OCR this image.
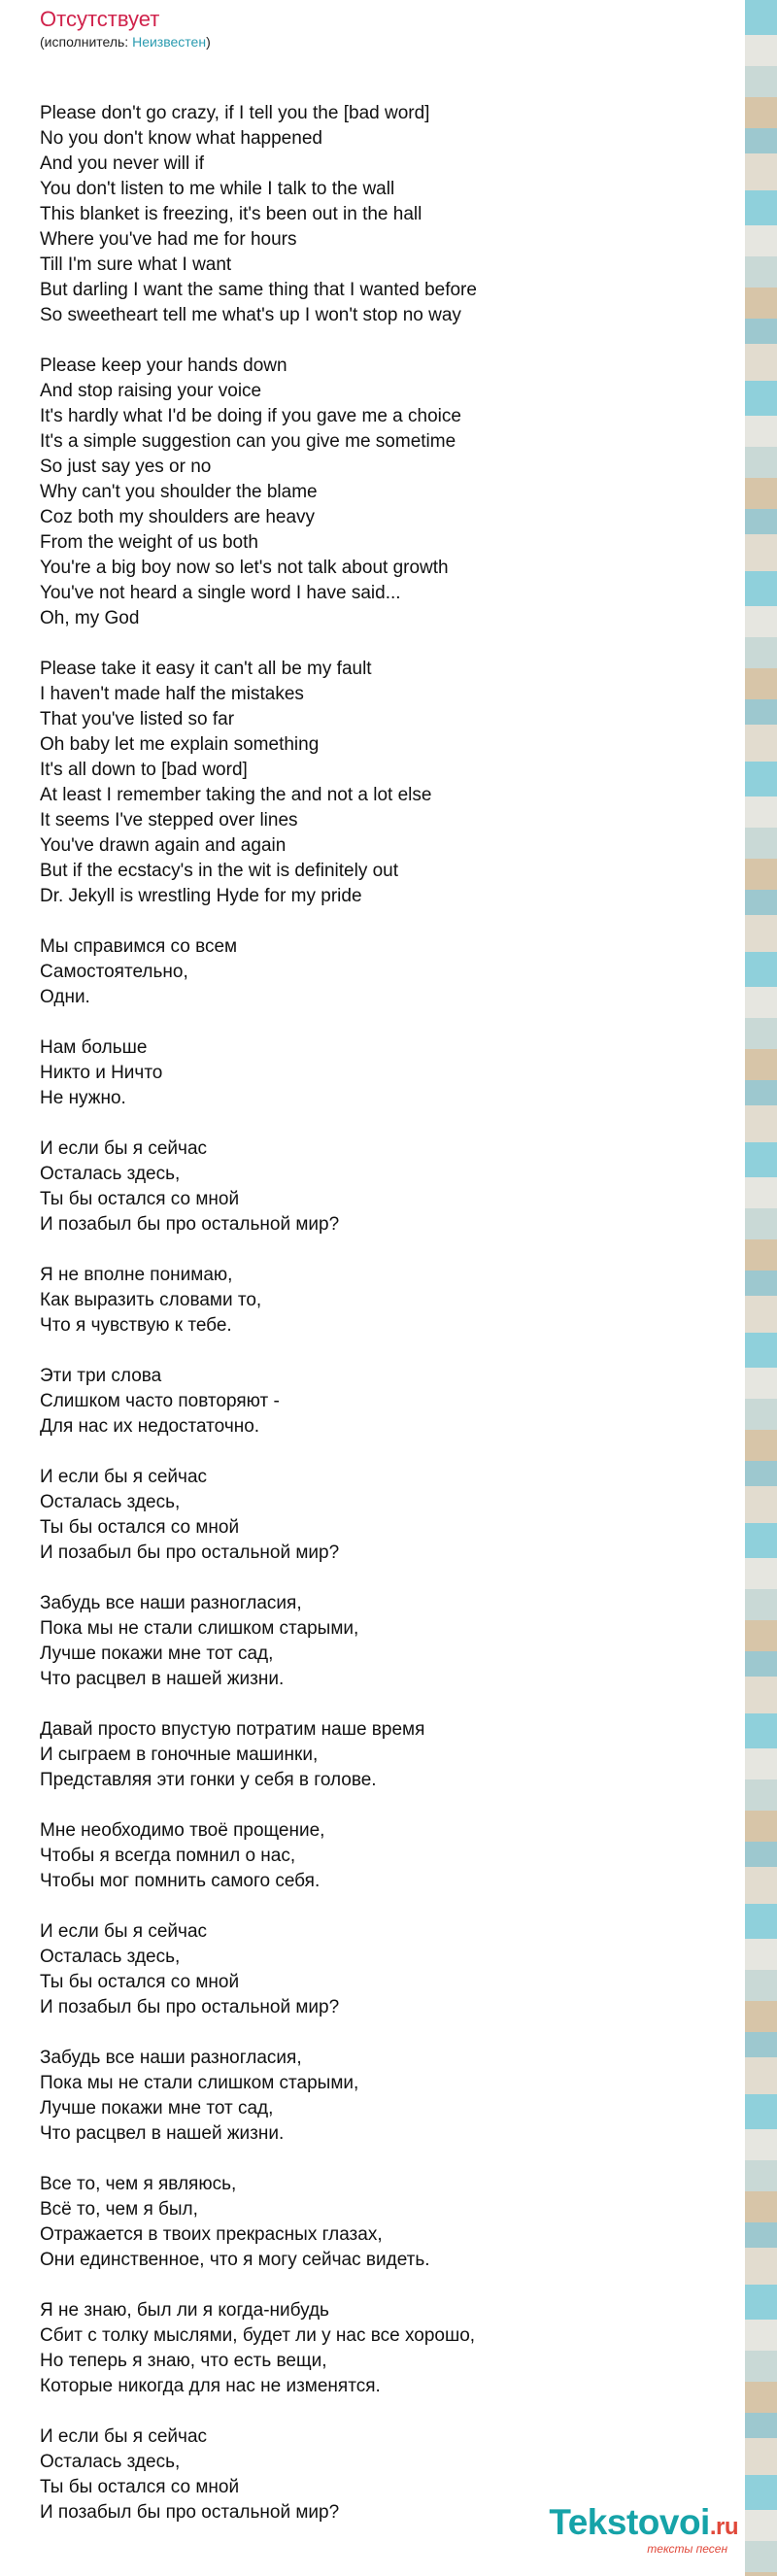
Отсутствует
(исполнитель: Неизвестен)
Please don't go crazy, if I tell you the [bad word]
No you don't know what happened
And you never will if
You don't listen to me while I talk to the wall
This blanket is freezing, it's been out in the hall
Where you've had me for hours
Till I'm sure what I want
But darling I want the same thing that I wanted before
So sweetheart tell me what's up I won't stop no way
Please keep your hands down
And stop raising your voice
It's hardly what I'd be doing if you gave me a choice
It's a simple suggestion can you give me sometime
So just say yes or no
Why can't you shoulder the blame
Coz both my shoulders are heavy
From the weight of us both
You're a big boy now so let's not talk about growth
You've not heard a single word I have said...
Oh, my God
Please take it easy it can't all be my fault
I haven't made half the mistakes
That you've listed so far
Oh baby let me explain something
It's all down to [bad word]
At least I remember taking the and not a lot else
It seems I've stepped over lines
You've drawn again and again
But if the ecstacy's in the wit is definitely out
Dr. Jekyll is wrestling Hyde for my pride
Мы справимся со всем
Самостоятельно,
Одни.
Нам больше
Никто и Ничто
Не нужно.
И если бы я сейчас
Осталась здесь,
Ты бы остался со мной
И позабыл бы про остальной мир?
Я не вполне понимаю,
Как выразить словами то,
Что я чувствую к тебе.
Эти три слова
Слишком часто повторяют -
Для нас их недостаточно.
И если бы я сейчас
Осталась здесь,
Ты бы остался со мной
И позабыл бы про остальной мир?
Забудь все наши разногласия,
Пока мы не стали слишком старыми,
Лучше покажи мне тот сад,
Что расцвел в нашей жизни.
Давай просто впустую потратим наше время
И сыграем в гоночные машинки,
Представляя эти гонки у себя в голове.
Мне необходимо твоё прощение,
Чтобы я всегда помнил о нас,
Чтобы мог помнить самого себя.
И если бы я сейчас
Осталась здесь,
Ты бы остался со мной
И позабыл бы про остальной мир?
Забудь все наши разногласия,
Пока мы не стали слишком старыми,
Лучше покажи мне тот сад,
Что расцвел в нашей жизни.
Все то, чем я являюсь,
Всё то, чем я был,
Отражается в твоих прекрасных глазах,
Они единственное, что я могу сейчас видеть.
Я не знаю, был ли я когда-нибудь
Сбит с толку мыслями, будет ли у нас все хорошо,
Но теперь я знаю, что есть вещи,
Которые никогда для нас не изменятся.
И если бы я сейчас
Осталась здесь,
Ты бы остался со мной
И позабыл бы про остальной мир?	Tekstovoi.ru
тексты песен
